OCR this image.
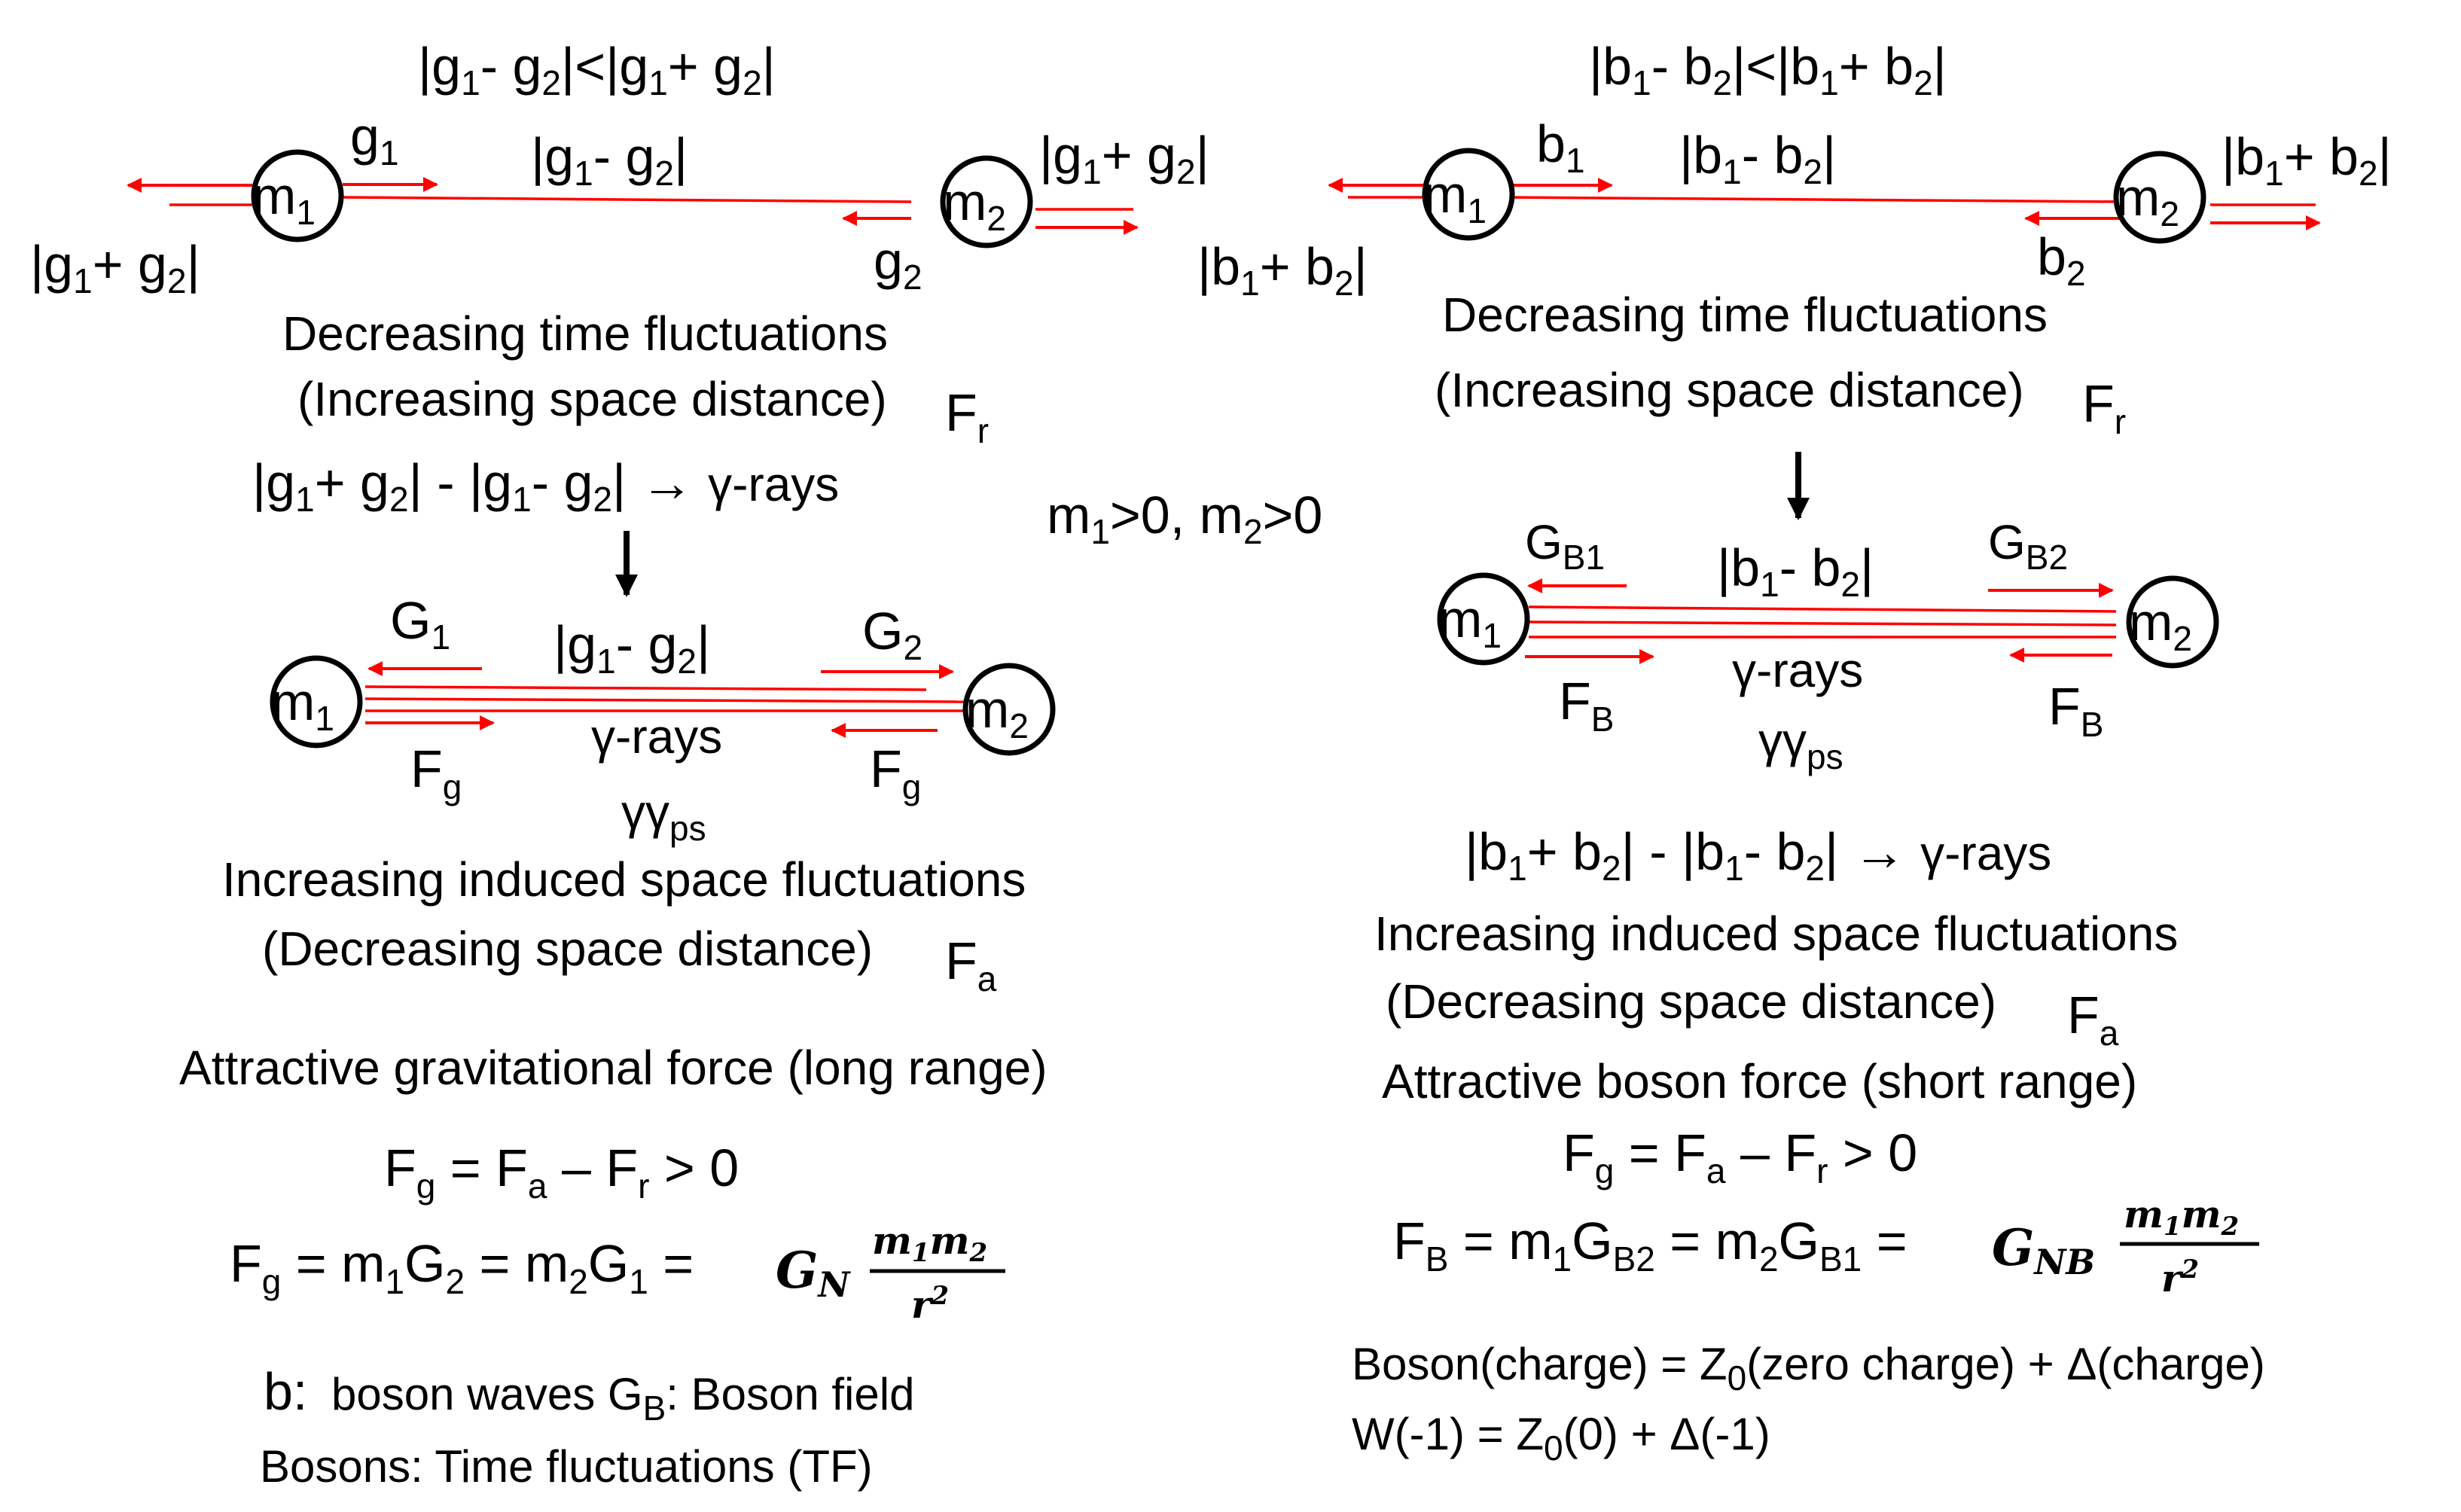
$|g_1-$ $g_2|<|g_1+ g_2|$
$g_1$	$|g_1-$ $g_2|$
$m_1$	$m_2$
$|g_1+ g_2|$
$|g_1+ g_2|$	$g_2$
Decreasing time fluctuations
(Increasing space distance) $F_r$
$|g_1+ g_2| - |g_1-$ $g_2|$ → γ-rays
$G_1$ $|g_1-$ $g_2|$	$G_2$
$m_1$	$m_2$
γ-rays
$F_g$	$F_g$
$\gamma\gamma_{ps}$
Increasing induced space fluctuations
(Decreasing space distance) $F_a$
Attractive gravitational force (long range)
$F_g = F_a - F_r > 0$
$F_g = m_1G_2 = m_2G_1$ = GN
$m_1m_2$
$r^2$
b: boson waves $G_B$: Boson field
Bosons: Time fluctuations (TF)
$m_1>0$, $m_2>0$
$|b_1-$ $b_2|<|b_1+ b_2|$
$b_1$ $|b_1-$ $b_2|$
$m_1$	$m_2$
$|b_1+ b_2|$
$|b_1+ b_2|$	$b_2$
Decreasing time fluctuations
(Increasing space distance) $F_r$
$G_{B1}$ $|b_1-$ $b_2|$ $G_{B2}$
$m_1$	$m_2$
γ-rays
$F_B$	$F_B$
$\gamma\gamma_{ps}$
$|b_1+ b_2| - |b_1-$ $b_2|$ → γ-rays
Increasing induced space fluctuations
(Decreasing space distance) $F_a$
Attractive boson force (short range)
$F_g = F_a - F_r > 0$
$F_B = m_1G_{B2} = m_2G_{B1}$ = GNB
$m_1m_2$
$r^2$
Boson(charge) = $Z_0(zero$ charge) + Δ(charge)
$W(-1) = Z_0(0) + \Delta(-1)$
